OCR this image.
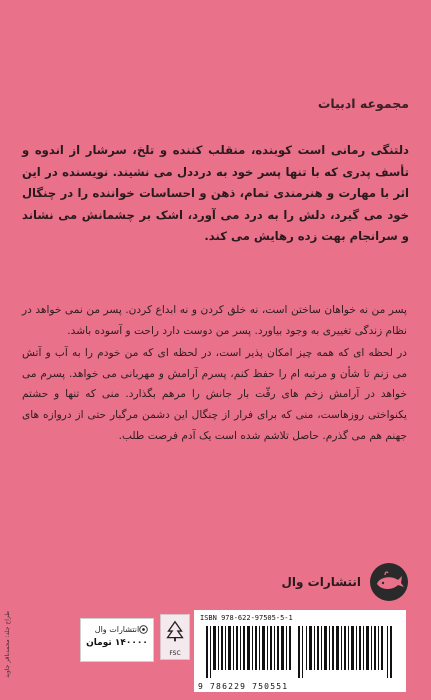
مجموعه ادبیات
دلتنگی رمانی است کوبنده، منقلب کننده و تلخ، سرشار از اندوه و تأسف پدری که با تنها پسر خود به درددل می نشیند. نویسنده در این اثر با مهارت و هنرمندی تمام، ذهن و احساسات خواننده را در چنگال خود می گیرد، دلش را به درد می آورد، اشک بر چشمانش می نشاند و سرانجام بهت زده رهایش می کند.

پسر من نه خواهان ساختن است، نه خلق کردن و نه ابداع کردن. پسر من نمی خواهد در نظام زندگی تغییری به وجود بیاورد. پسر من دوست دارد راحت و آسوده باشد.

در لحظه ای که همه چیز امکان پذیر است، در لحظه ای که من خودم را به آب و آتش می زنم تا شأن و مرتبه ام را حفظ کنم، پسرم آرامش و مهربانی می خواهد. پسرم می خواهد در آرامش زخم های رقّت بار جانش را مرهم بگذارد. منی که تنها و حشتم یکنواختی روزهاست، منی که برای فرار از چنگال این دشمن مرگبار حتی از دروازه های جهنم هم می گذرم. حاصل تلاشم شده است یک آدم فرصت طلب.

انتشارات وال
ISBN 978-622-97505-5-1
9 786229 750551
FSC
انتشارات وال
۱۴۰۰۰۰ تومان
طراح جلد: محمدباقر جاوید
